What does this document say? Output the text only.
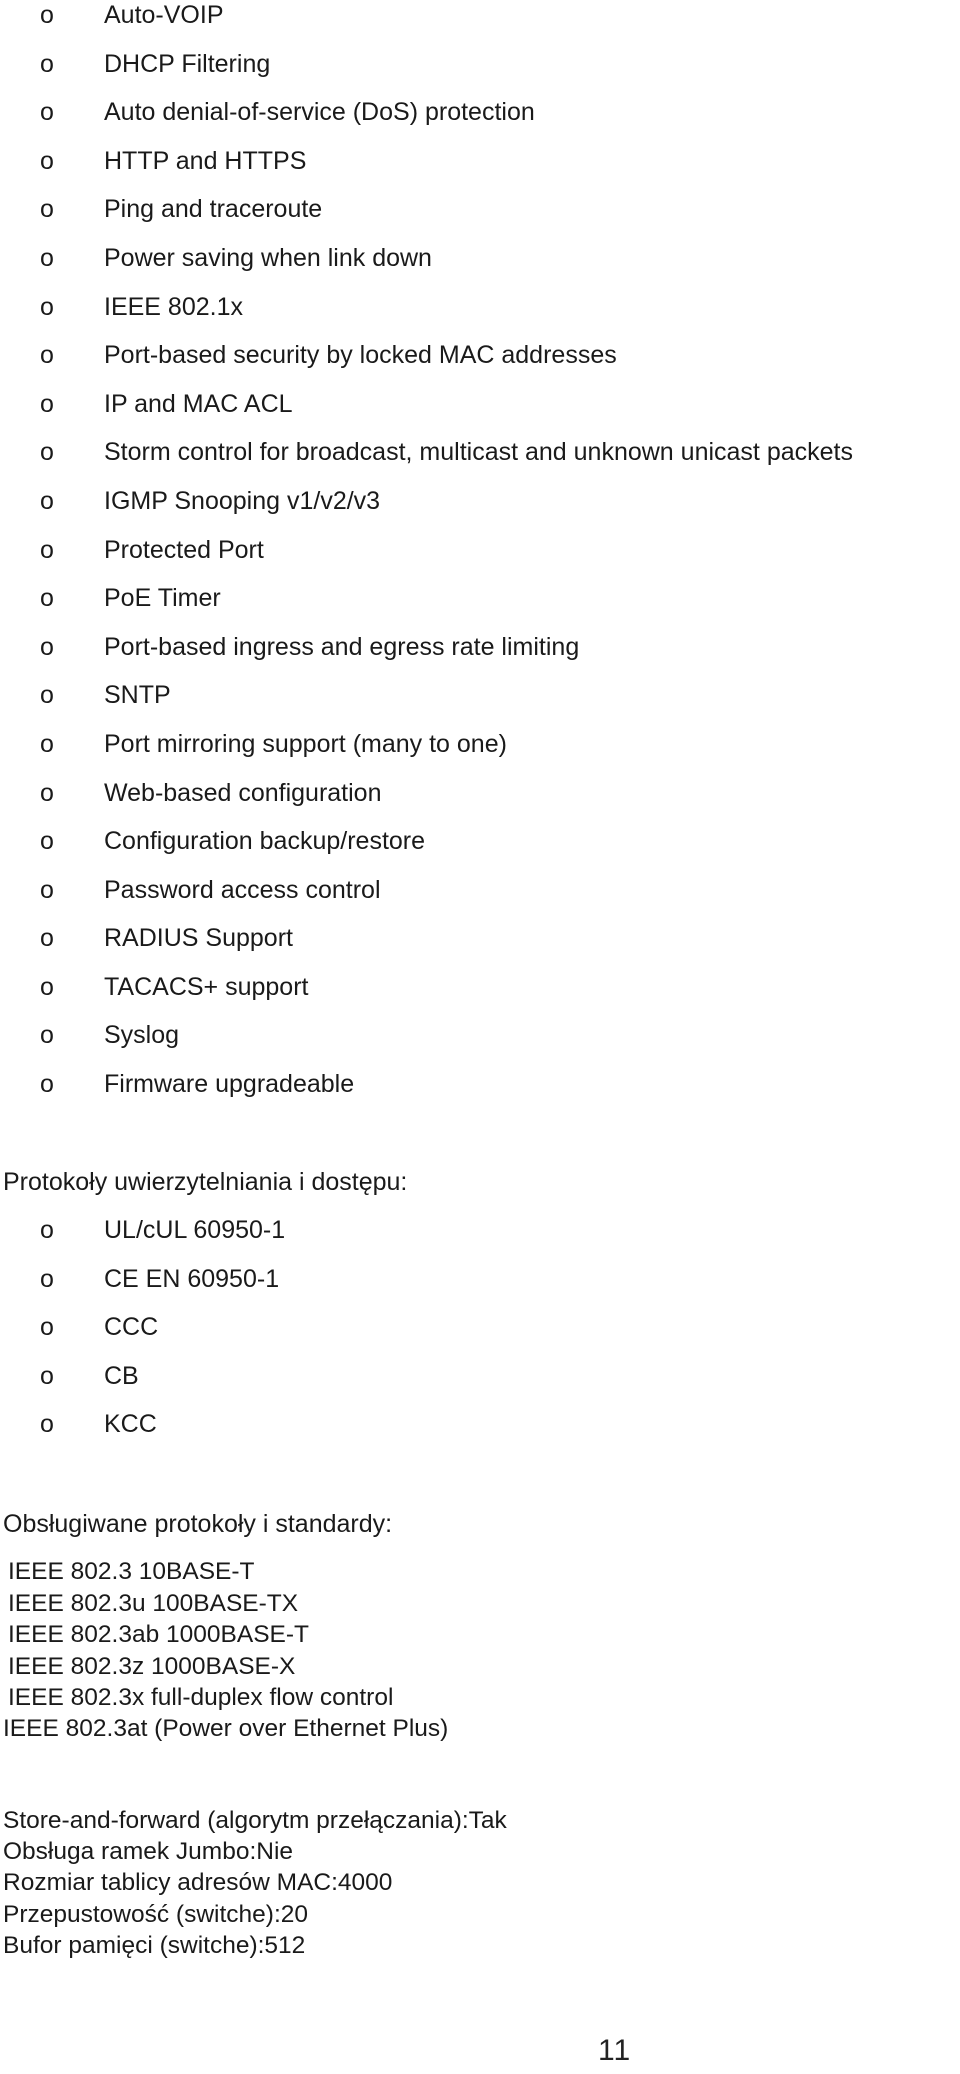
o Auto-VOIP
o DHCP Filtering
o Auto denial-of-service (DoS) protection
o HTTP and HTTPS
o Ping and traceroute
o Power saving when link down
o IEEE 802.1x
o Port-based security by locked MAC addresses
o IP and MAC ACL
o Storm control for broadcast, multicast and unknown unicast packets
o IGMP Snooping v1/v2/v3
o Protected Port
o PoE Timer
o Port-based ingress and egress rate limiting
o SNTP
o Port mirroring support (many to one)
o Web-based configuration
o Configuration backup/restore
o Password access control
o RADIUS Support
o TACACS+ support
o Syslog
o Firmware upgradeable
Protokoły uwierzytelniania i dostępu:
o UL/cUL 60950-1
o CE EN 60950-1
o CCC
o CB
o KCC
Obsługiwane protokoły i standardy:
IEEE 802.3 10BASE-T
IEEE 802.3u 100BASE-TX
IEEE 802.3ab 1000BASE-T
IEEE 802.3z 1000BASE-X
IEEE 802.3x full-duplex flow control
IEEE 802.3at (Power over Ethernet Plus)
Store-and-forward (algorytm przełączania):Tak
Obsługa ramek Jumbo:Nie
Rozmiar tablicy adresów MAC:4000
Przepustowość (switche):20
Bufor pamięci (switche):512
11
